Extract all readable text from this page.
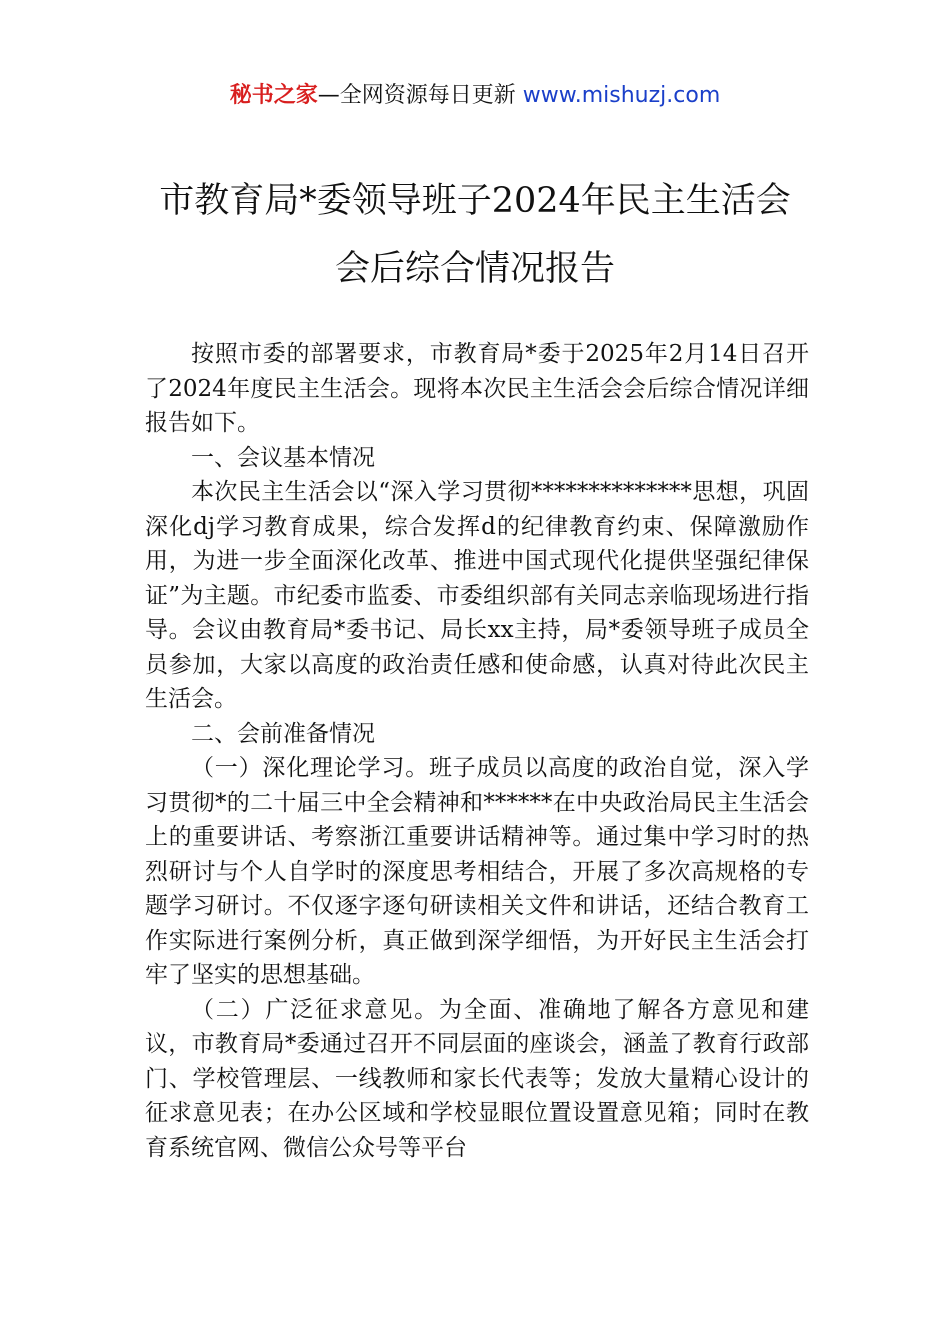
秘书之家—全网资源每日更新 www.mishuzj.com
市教育局*委领导班子2024年民主生活会
会后综合情况报告

按照市委的部署要求，市教育局*委于2025年2月14日召开了2024年度民主生活会。现将本次民主生活会会后综合情况详细报告如下。

一、会议基本情况

本次民主生活会以“深入学习贯彻**************思想，巩固深化dj学习教育成果，综合发挥d的纪律教育约束、保障激励作用，为进一步全面深化改革、推进中国式现代化提供坚强纪律保证”为主题。市纪委市监委、市委组织部有关同志亲临现场进行指导。会议由教育局*委书记、局长xx主持，局*委领导班子成员全员参加，大家以高度的政治责任感和使命感，认真对待此次民主生活会。

二、会前准备情况

（一）深化理论学习。班子成员以高度的政治自觉，深入学习贯彻*的二十届三中全会精神和******在中央政治局民主生活会上的重要讲话、考察浙江重要讲话精神等。通过集中学习时的热烈研讨与个人自学时的深度思考相结合，开展了多次高规格的专题学习研讨。不仅逐字逐句研读相关文件和讲话，还结合教育工作实际进行案例分析，真正做到深学细悟，为开好民主生活会打牢了坚实的思想基础。

（二）广泛征求意见。为全面、准确地了解各方意见和建议，市教育局*委通过召开不同层面的座谈会，涵盖了教育行政部门、学校管理层、一线教师和家长代表等；发放大量精心设计的征求意见表；在办公区域和学校显眼位置设置意见箱；同时在教育系统官网、微信公众号等平台
